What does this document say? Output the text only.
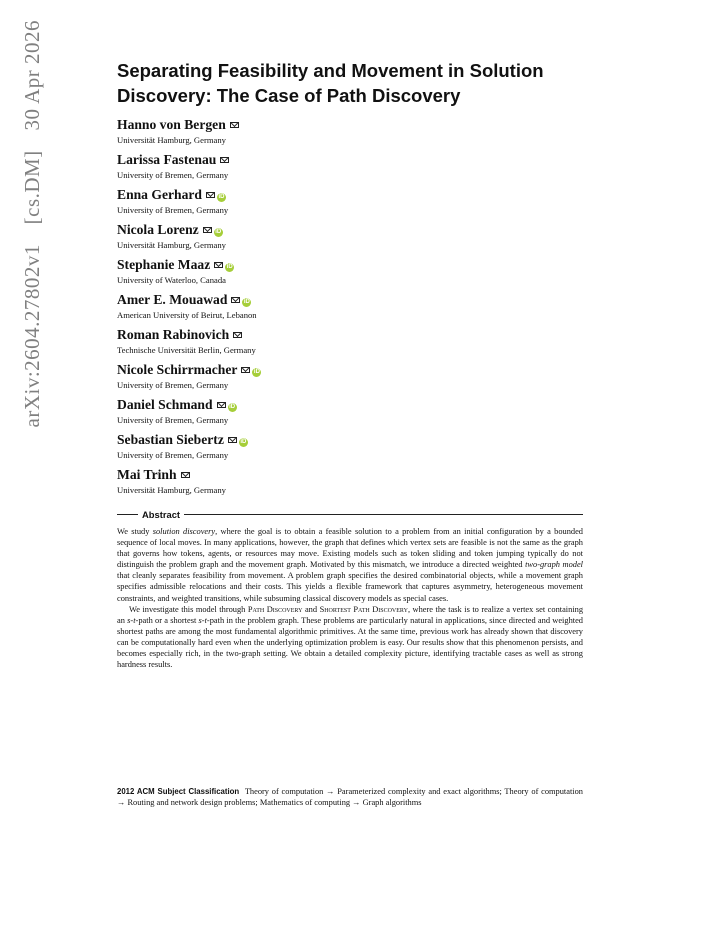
arXiv:2604.27802v1 [cs.DM] 30 Apr 2026	Separating Feasibility and Movement in Solution Discovery: The Case of Path Discovery
Hanno von Bergen
Universität Hamburg, Germany
Larissa Fastenau
University of Bremen, Germany
Enna Gerhard	iD
University of Bremen, Germany
Nicola Lorenz	iD
Universität Hamburg, Germany
Stephanie Maaz	iD
University of Waterloo, Canada
Amer E. Mouawad	iD
American University of Beirut, Lebanon
Roman Rabinovich
Technische Universität Berlin, Germany
Nicole Schirrmacher	iD
University of Bremen, Germany
Daniel Schmand	iD
University of Bremen, Germany
Sebastian Siebertz	iD
University of Bremen, Germany
Mai Trinh
Universität Hamburg, Germany
Abstract

We study solution discovery, where the goal is to obtain a feasible solution to a problem from an initial configuration by a bounded sequence of local moves. In many applications, however, the graph that defines which vertex sets are feasible is not the same as the graph that governs how tokens, agents, or resources may move. Existing models such as token sliding and token jumping typically do not distinguish the problem graph and the movement graph. Motivated by this mismatch, we introduce a directed weighted two-graph model that cleanly separates feasibility from movement. A problem graph specifies the desired combinatorial objects, while a movement graph specifies admissible relocations and their costs. This yields a flexible framework that captures asymmetry, heterogeneous movement constraints, and weighted transitions, while subsuming classical discovery models as special cases.

We investigate this model through Path Discovery and Shortest Path Discovery, where the task is to realize a vertex set containing an s-t-path or a shortest s-t-path in the problem graph. These problems are particularly natural in applications, since directed and weighted shortest paths are among the most fundamental algorithmic primitives. At the same time, previous work has already shown that discovery can be computationally hard even when the underlying optimization problem is easy. Our results show that this phenomenon persists, and becomes especially rich, in the two-graph setting. We obtain a detailed complexity picture, identifying tractable cases as well as strong hardness results.

2012 ACM Subject Classification Theory of computation → Parameterized complexity and exact algorithms; Theory of computation → Routing and network design problems; Mathematics of computing → Graph algorithms
